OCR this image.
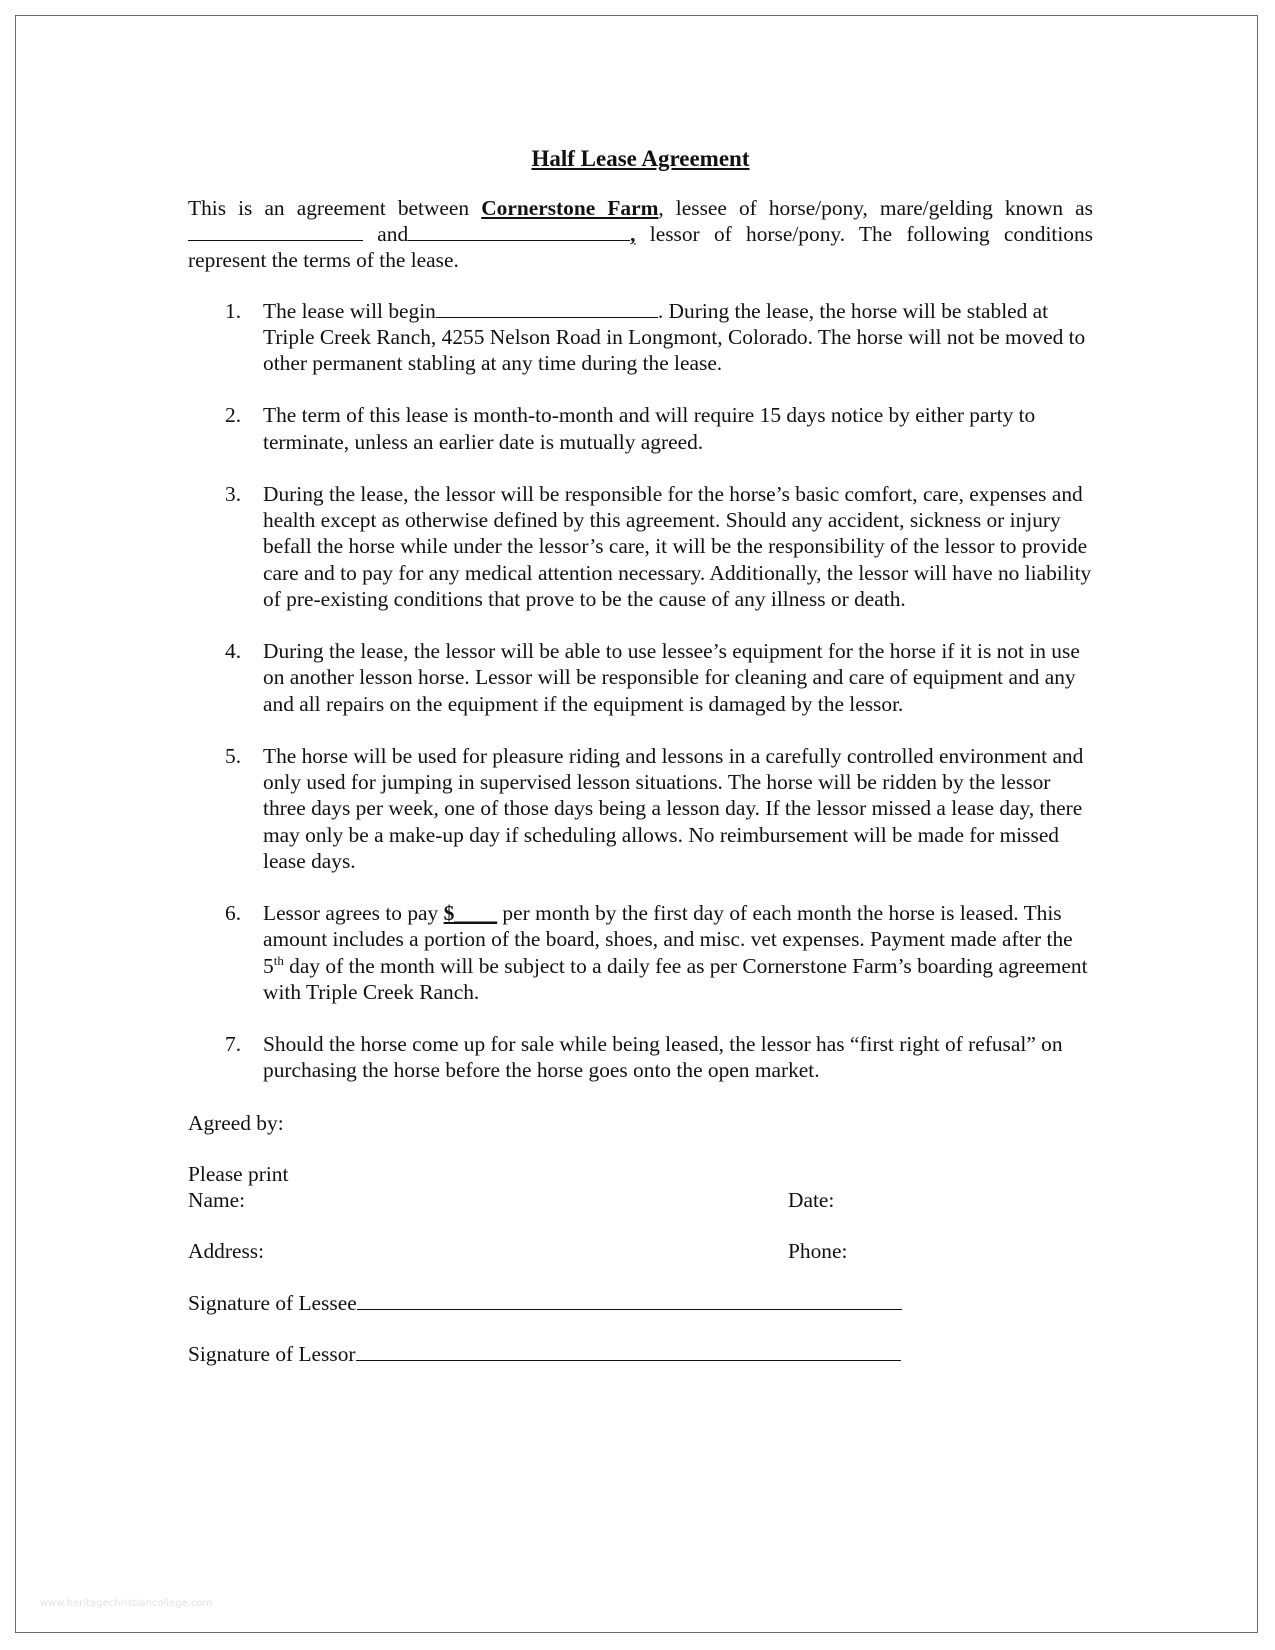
Half Lease Agreement

This is an agreement between Cornerstone Farm, lessee of horse/pony, mare/gelding known as  and	, lessor of horse/pony. The following conditions represent the terms of the lease.

1. The lease will begin	. During the lease, the horse will be stabled at Triple Creek Ranch, 4255 Nelson Road in Longmont, Colorado. The horse will not be moved to other permanent stabling at any time during the lease.
2. The term of this lease is month-to-month and will require 15 days notice by either party to terminate, unless an earlier date is mutually agreed.
3. During the lease, the lessor will be responsible for the horse’s basic comfort, care, expenses and health except as otherwise defined by this agreement. Should any accident, sickness or injury befall the horse while under the lessor’s care, it will be the responsibility of the lessor to provide care and to pay for any medical attention necessary. Additionally, the lessor will have no liability of pre-existing conditions that prove to be the cause of any illness or death.
4. During the lease, the lessor will be able to use lessee’s equipment for the horse if it is not in use on another lesson horse. Lessor will be responsible for cleaning and care of equipment and any and all repairs on the equipment if the equipment is damaged by the lessor.
5. The horse will be used for pleasure riding and lessons in a carefully controlled environment and only used for jumping in supervised lesson situations. The horse will be ridden by the lessor three days per week, one of those days being a lesson day. If the lessor missed a lease day, there may only be a make-up day if scheduling allows. No reimbursement will be made for missed lease days.
6. Lessor agrees to pay $____ per month by the first day of each month the horse is leased. This amount includes a portion of the board, shoes, and misc. vet expenses. Payment made after the 5th day of the month will be subject to a daily fee as per Cornerstone Farm’s boarding agreement with Triple Creek Ranch.
7. Should the horse come up for sale while being leased, the lessor has “first right of refusal” on purchasing the horse before the horse goes onto the open market.
Agreed by:
Please print
Name:	Date:
Address:	Phone:
Signature of Lessee
Signature of Lessor
www.heritagechristiancollege.com
